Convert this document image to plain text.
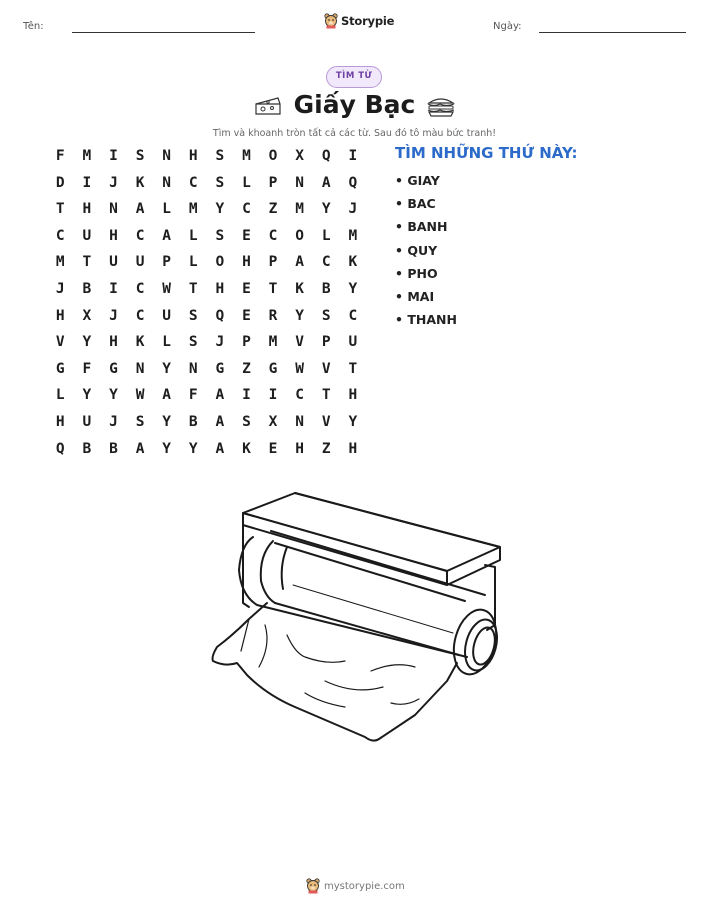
Tên:	Ngày:
Storypie
TÌM TỪ
Giấy Bạc
Tìm và khoanh tròn tất cả các từ. Sau đó tô màu bức tranh!
F	M	I	S	N	H	S	M	O	X	Q	I
D	I	J	K	N	C	S	L	P	N	A	Q
T	H	N	A	L	M	Y	C	Z	M	Y	J
C	U	H	C	A	L	S	E	C	O	L	M
M	T	U	U	P	L	O	H	P	A	C	K
J	B	I	C	W	T	H	E	T	K	B	Y
H	X	J	C	U	S	Q	E	R	Y	S	C
V	Y	H	K	L	S	J	P	M	V	P	U
G	F	G	N	Y	N	G	Z	G	W	V	T
L	Y	Y	W	A	F	A	I	I	C	T	H
H	U	J	S	Y	B	A	S	X	N	V	Y
Q	B	B	A	Y	Y	A	K	E	H	Z	H
TÌM NHỮNG THỨ NÀY:
• GIAY
• BAC
• BANH
• QUY
• PHO
• MAI
• THANH
mystorypie.com
